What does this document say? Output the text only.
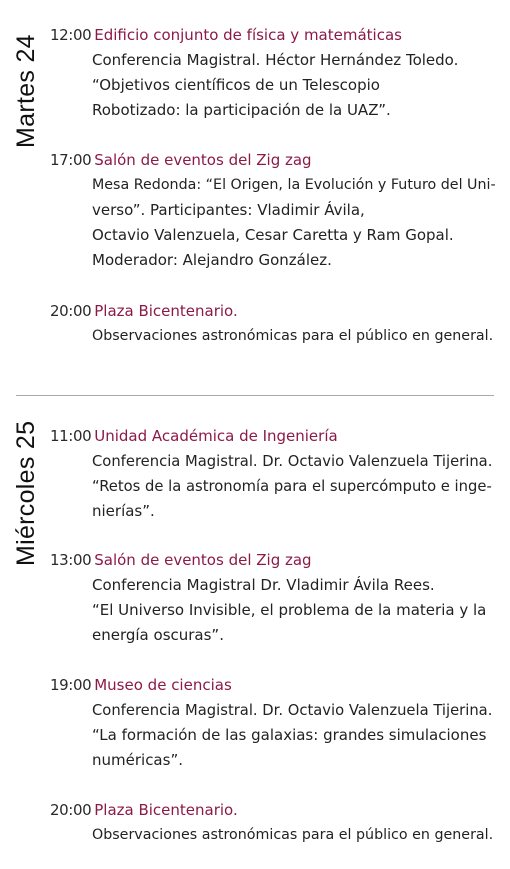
Martes 24
Miércoles 25
12:00 Edificio conjunto de física y matemáticas
Conferencia Magistral. Héctor Hernández Toledo.
“Objetivos científicos de un Telescopio
Robotizado: la participación de la UAZ”.
17:00 Salón de eventos del Zig zag
Mesa Redonda: “El Origen, la Evolución y Futuro del Uni-
verso”. Participantes: Vladimir Ávila,
Octavio Valenzuela, Cesar Caretta y Ram Gopal.
Moderador: Alejandro González.
20:00 Plaza Bicentenario.
Observaciones astronómicas para el público en general.
11:00 Unidad Académica de Ingeniería
Conferencia Magistral. Dr. Octavio Valenzuela Tijerina.
“Retos de la astronomía para el supercómputo e inge-
nierías”.
13:00 Salón de eventos del Zig zag
Conferencia Magistral Dr. Vladimir Ávila Rees.
“El Universo Invisible, el problema de la materia y la
energía oscuras”.
19:00 Museo de ciencias
Conferencia Magistral. Dr. Octavio Valenzuela Tijerina.
“La formación de las galaxias: grandes simulaciones
numéricas”.
20:00 Plaza Bicentenario.
Observaciones astronómicas para el público en general.
